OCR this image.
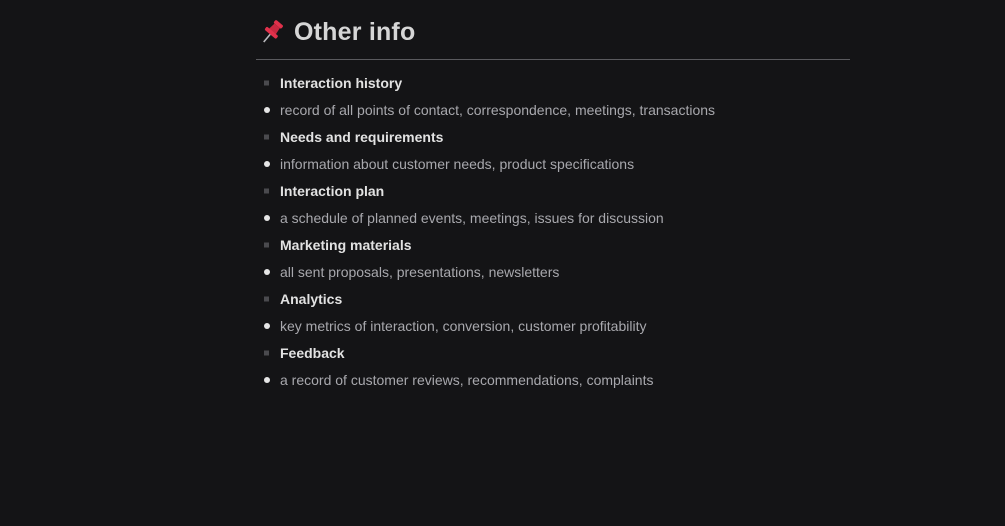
Other info
Interaction history
record of all points of contact, correspondence, meetings, transactions
Needs and requirements
information about customer needs, product specifications
Interaction plan
a schedule of planned events, meetings, issues for discussion
Marketing materials
all sent proposals, presentations, newsletters
Analytics
key metrics of interaction, conversion, customer profitability
Feedback
a record of customer reviews, recommendations, complaints
